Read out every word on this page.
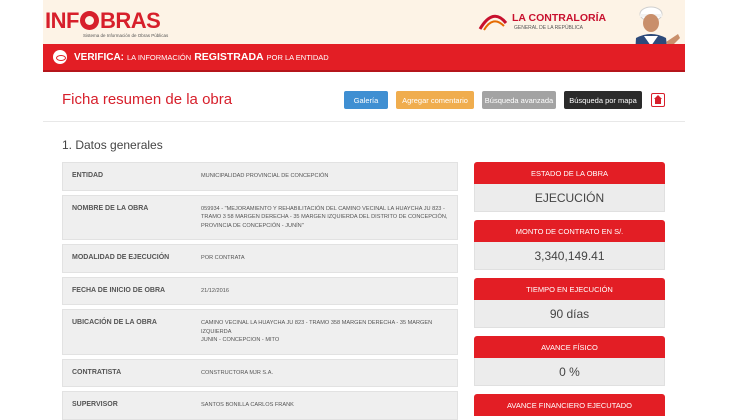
INF BRAS
Sistema de Información de Obras Públicas
LA CONTRALORÍA
GENERAL DE LA REPÚBLICA
VERIFICA: LA INFORMACIÓN REGISTRADA POR LA ENTIDAD
Ficha resumen de la obra	Galería	Agregar comentario	Búsqueda avanzada	Búsqueda por mapa
1. Datos generales
ENTIDAD	MUNICIPALIDAD PROVINCIAL DE CONCEPCIÓN
NOMBRE DE LA OBRA	059934 - "MEJORAMIENTO Y REHABILITACIÓN DEL CAMINO VECINAL LA HUAYCHA JU 823 - TRAMO 3 58 MARGEN DERECHA - 35 MARGEN IZQUIERDA DEL DISTRITO DE CONCEPCIÓN, PROVINCIA DE CONCEPCIÓN - JUNÍN"
MODALIDAD DE EJECUCIÓN	POR CONTRATA
FECHA DE INICIO DE OBRA	21/12/2016
UBICACIÓN DE LA OBRA	CAMINO VECINAL LA HUAYCHA JU 823 - TRAMO 358 MARGEN DERECHA - 35 MARGEN IZQUIERDA
JUNIN - CONCEPCION - MITO
CONTRATISTA	CONSTRUCTORA MJR S.A.
SUPERVISOR	SANTOS BONILLA CARLOS FRANK
ESTADO DE LA OBRA
EJECUCIÓN
MONTO DE CONTRATO EN S/.
3,340,149.41
TIEMPO EN EJECUCIÓN
90 días
AVANCE FÍSICO
0 %
AVANCE FINANCIERO EJECUTADO
